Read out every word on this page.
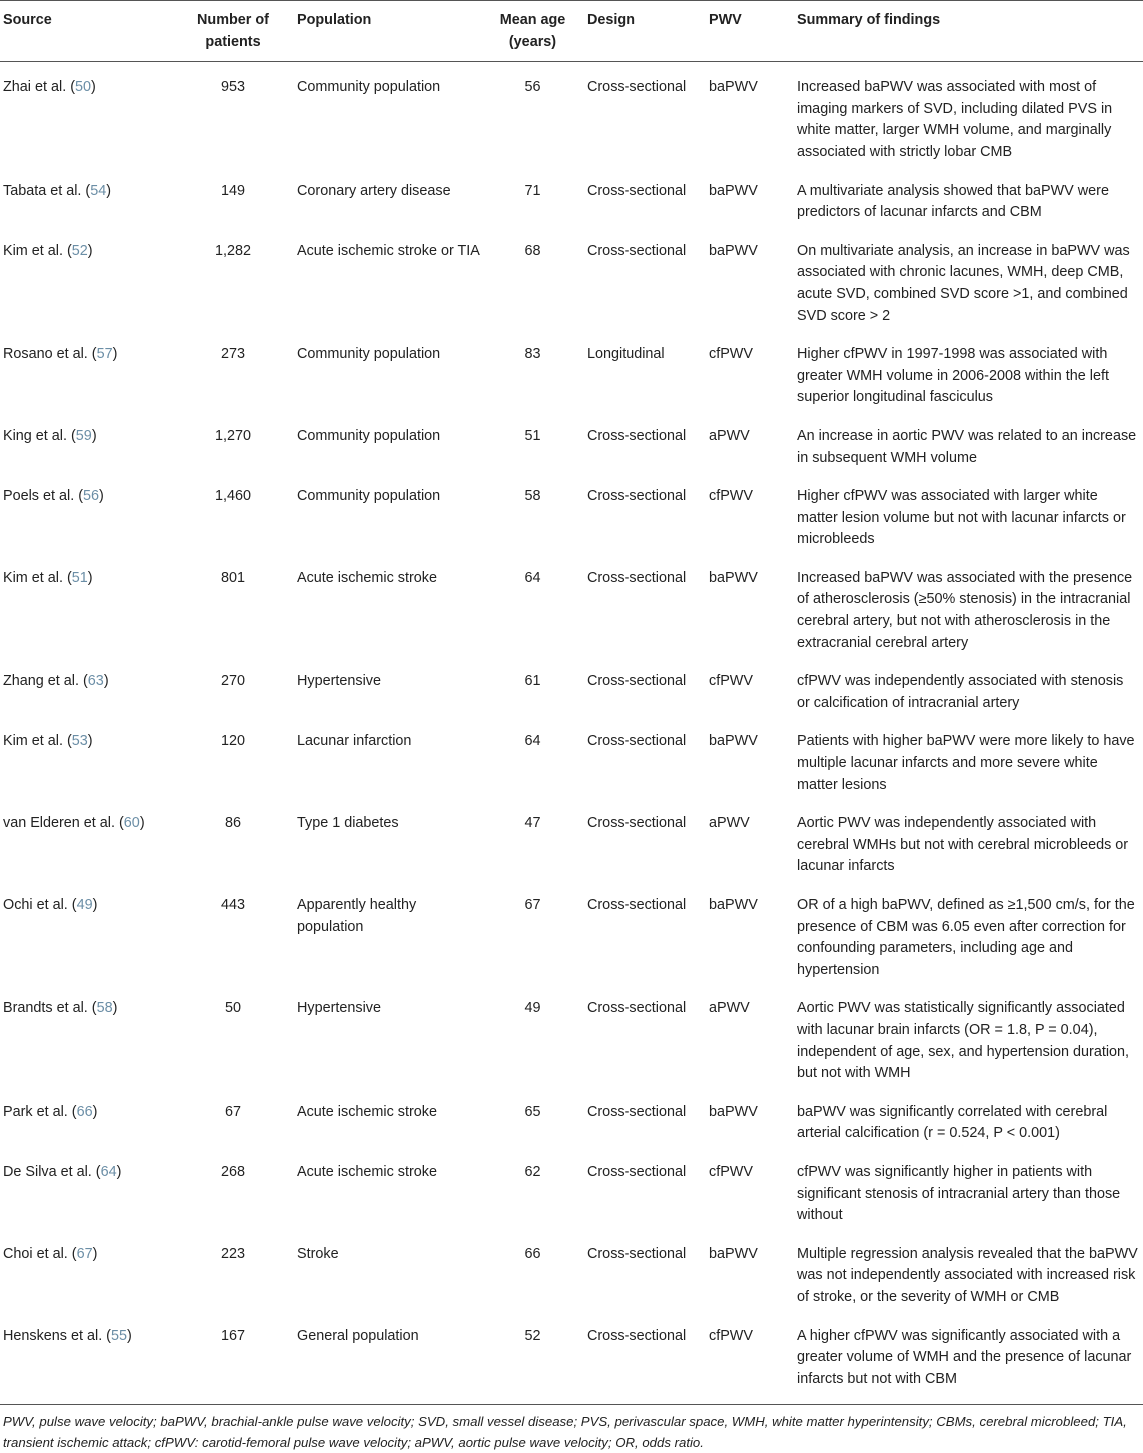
Source	Number of patients	Population	Mean age (years)	Design	PWV	Summary of findings
Zhai et al. (50)	953	Community population	56	Cross-sectional	baPWV	Increased baPWV was associated with most of imaging markers of SVD, including dilated PVS in white matter, larger WMH volume, and marginally associated with strictly lobar CMB
Tabata et al. (54)	149	Coronary artery disease	71	Cross-sectional	baPWV	A multivariate analysis showed that baPWV were predictors of lacunar infarcts and CBM
Kim et al. (52)	1,282	Acute ischemic stroke or TIA	68	Cross-sectional	baPWV	On multivariate analysis, an increase in baPWV was associated with chronic lacunes, WMH, deep CMB, acute SVD, combined SVD score >1, and combined SVD score > 2
Rosano et al. (57)	273	Community population	83	Longitudinal	cfPWV	Higher cfPWV in 1997-1998 was associated with greater WMH volume in 2006-2008 within the left superior longitudinal fasciculus
King et al. (59)	1,270	Community population	51	Cross-sectional	aPWV	An increase in aortic PWV was related to an increase in subsequent WMH volume
Poels et al. (56)	1,460	Community population	58	Cross-sectional	cfPWV	Higher cfPWV was associated with larger white matter lesion volume but not with lacunar infarcts or microbleeds
Kim et al. (51)	801	Acute ischemic stroke	64	Cross-sectional	baPWV	Increased baPWV was associated with the presence of atherosclerosis (≥50% stenosis) in the intracranial cerebral artery, but not with atherosclerosis in the extracranial cerebral artery
Zhang et al. (63)	270	Hypertensive	61	Cross-sectional	cfPWV	cfPWV was independently associated with stenosis or calcification of intracranial artery
Kim et al. (53)	120	Lacunar infarction	64	Cross-sectional	baPWV	Patients with higher baPWV were more likely to have multiple lacunar infarcts and more severe white matter lesions
van Elderen et al. (60)	86	Type 1 diabetes	47	Cross-sectional	aPWV	Aortic PWV was independently associated with cerebral WMHs but not with cerebral microbleeds or lacunar infarcts
Ochi et al. (49)	443	Apparently healthy population	67	Cross-sectional	baPWV	OR of a high baPWV, defined as ≥1,500 cm/s, for the presence of CBM was 6.05 even after correction for confounding parameters, including age and hypertension
Brandts et al. (58)	50	Hypertensive	49	Cross-sectional	aPWV	Aortic PWV was statistically significantly associated with lacunar brain infarcts (OR = 1.8, P = 0.04), independent of age, sex, and hypertension duration, but not with WMH
Park et al. (66)	67	Acute ischemic stroke	65	Cross-sectional	baPWV	baPWV was significantly correlated with cerebral arterial calcification (r = 0.524, P < 0.001)
De Silva et al. (64)	268	Acute ischemic stroke	62	Cross-sectional	cfPWV	cfPWV was significantly higher in patients with significant stenosis of intracranial artery than those without
Choi et al. (67)	223	Stroke	66	Cross-sectional	baPWV	Multiple regression analysis revealed that the baPWV was not independently associated with increased risk of stroke, or the severity of WMH or CMB
Henskens et al. (55)	167	General population	52	Cross-sectional	cfPWV	A higher cfPWV was significantly associated with a greater volume of WMH and the presence of lacunar infarcts but not with CBM

PWV, pulse wave velocity; baPWV, brachial-ankle pulse wave velocity; SVD, small vessel disease; PVS, perivascular space, WMH, white matter hyperintensity; CBMs, cerebral microbleed; TIA, transient ischemic attack; cfPWV: carotid-femoral pulse wave velocity; aPWV, aortic pulse wave velocity; OR, odds ratio.
